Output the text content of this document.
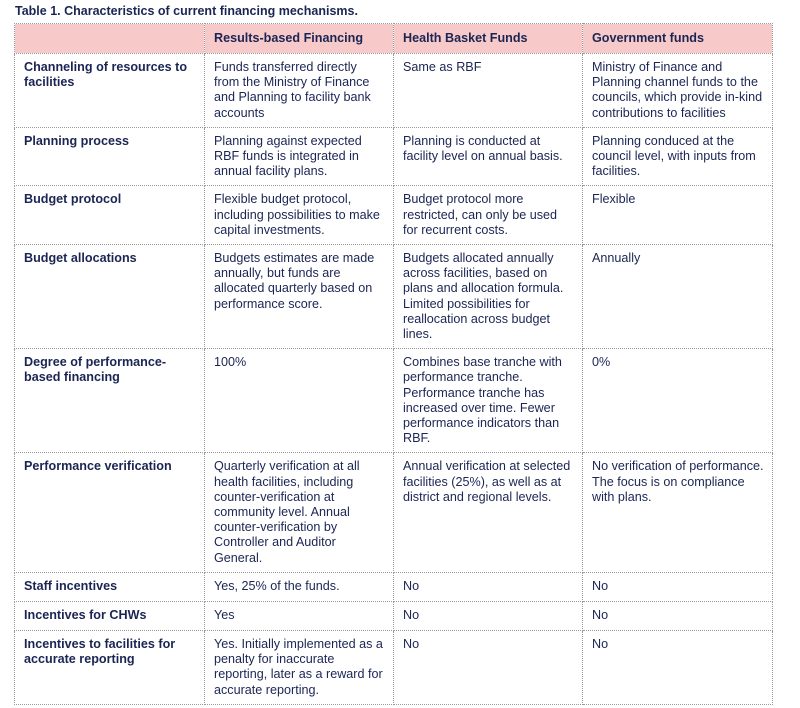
Table 1. Characteristics of current financing mechanisms.

	Results-based Financing	Health Basket Funds	Government funds
Channeling of resources to facilities	Funds transferred directly from the Ministry of Finance and Planning to facility bank accounts	Same as RBF	Ministry of Finance and Planning channel funds to the councils, which provide in-kind contributions to facilities
Planning process	Planning against expected RBF funds is integrated in annual facility plans.	Planning is conducted at facility level on annual basis.	Planning conduced at the council level, with inputs from facilities.
Budget protocol	Flexible budget protocol, including possibilities to make capital investments.	Budget protocol more restricted, can only be used for recurrent costs.	Flexible
Budget allocations	Budgets estimates are made annually, but funds are allocated quarterly based on performance score.	Budgets allocated annually across facilities, based on plans and allocation formula. Limited possibilities for reallocation across budget lines.	Annually
Degree of performance-based financing	100%	Combines base tranche with performance tranche. Performance tranche has increased over time. Fewer performance indicators than RBF.	0%
Performance verification	Quarterly verification at all health facilities, including counter-verification at community level. Annual counter-verification by Controller and Auditor General.	Annual verification at selected facilities (25%), as well as at district and regional levels.	No verification of performance. The focus is on compliance with plans.
Staff incentives	Yes, 25% of the funds.	No	No
Incentives for CHWs	Yes	No	No
Incentives to facilities for accurate reporting	Yes. Initially implemented as a penalty for inaccurate reporting, later as a reward for accurate reporting.	No	No
